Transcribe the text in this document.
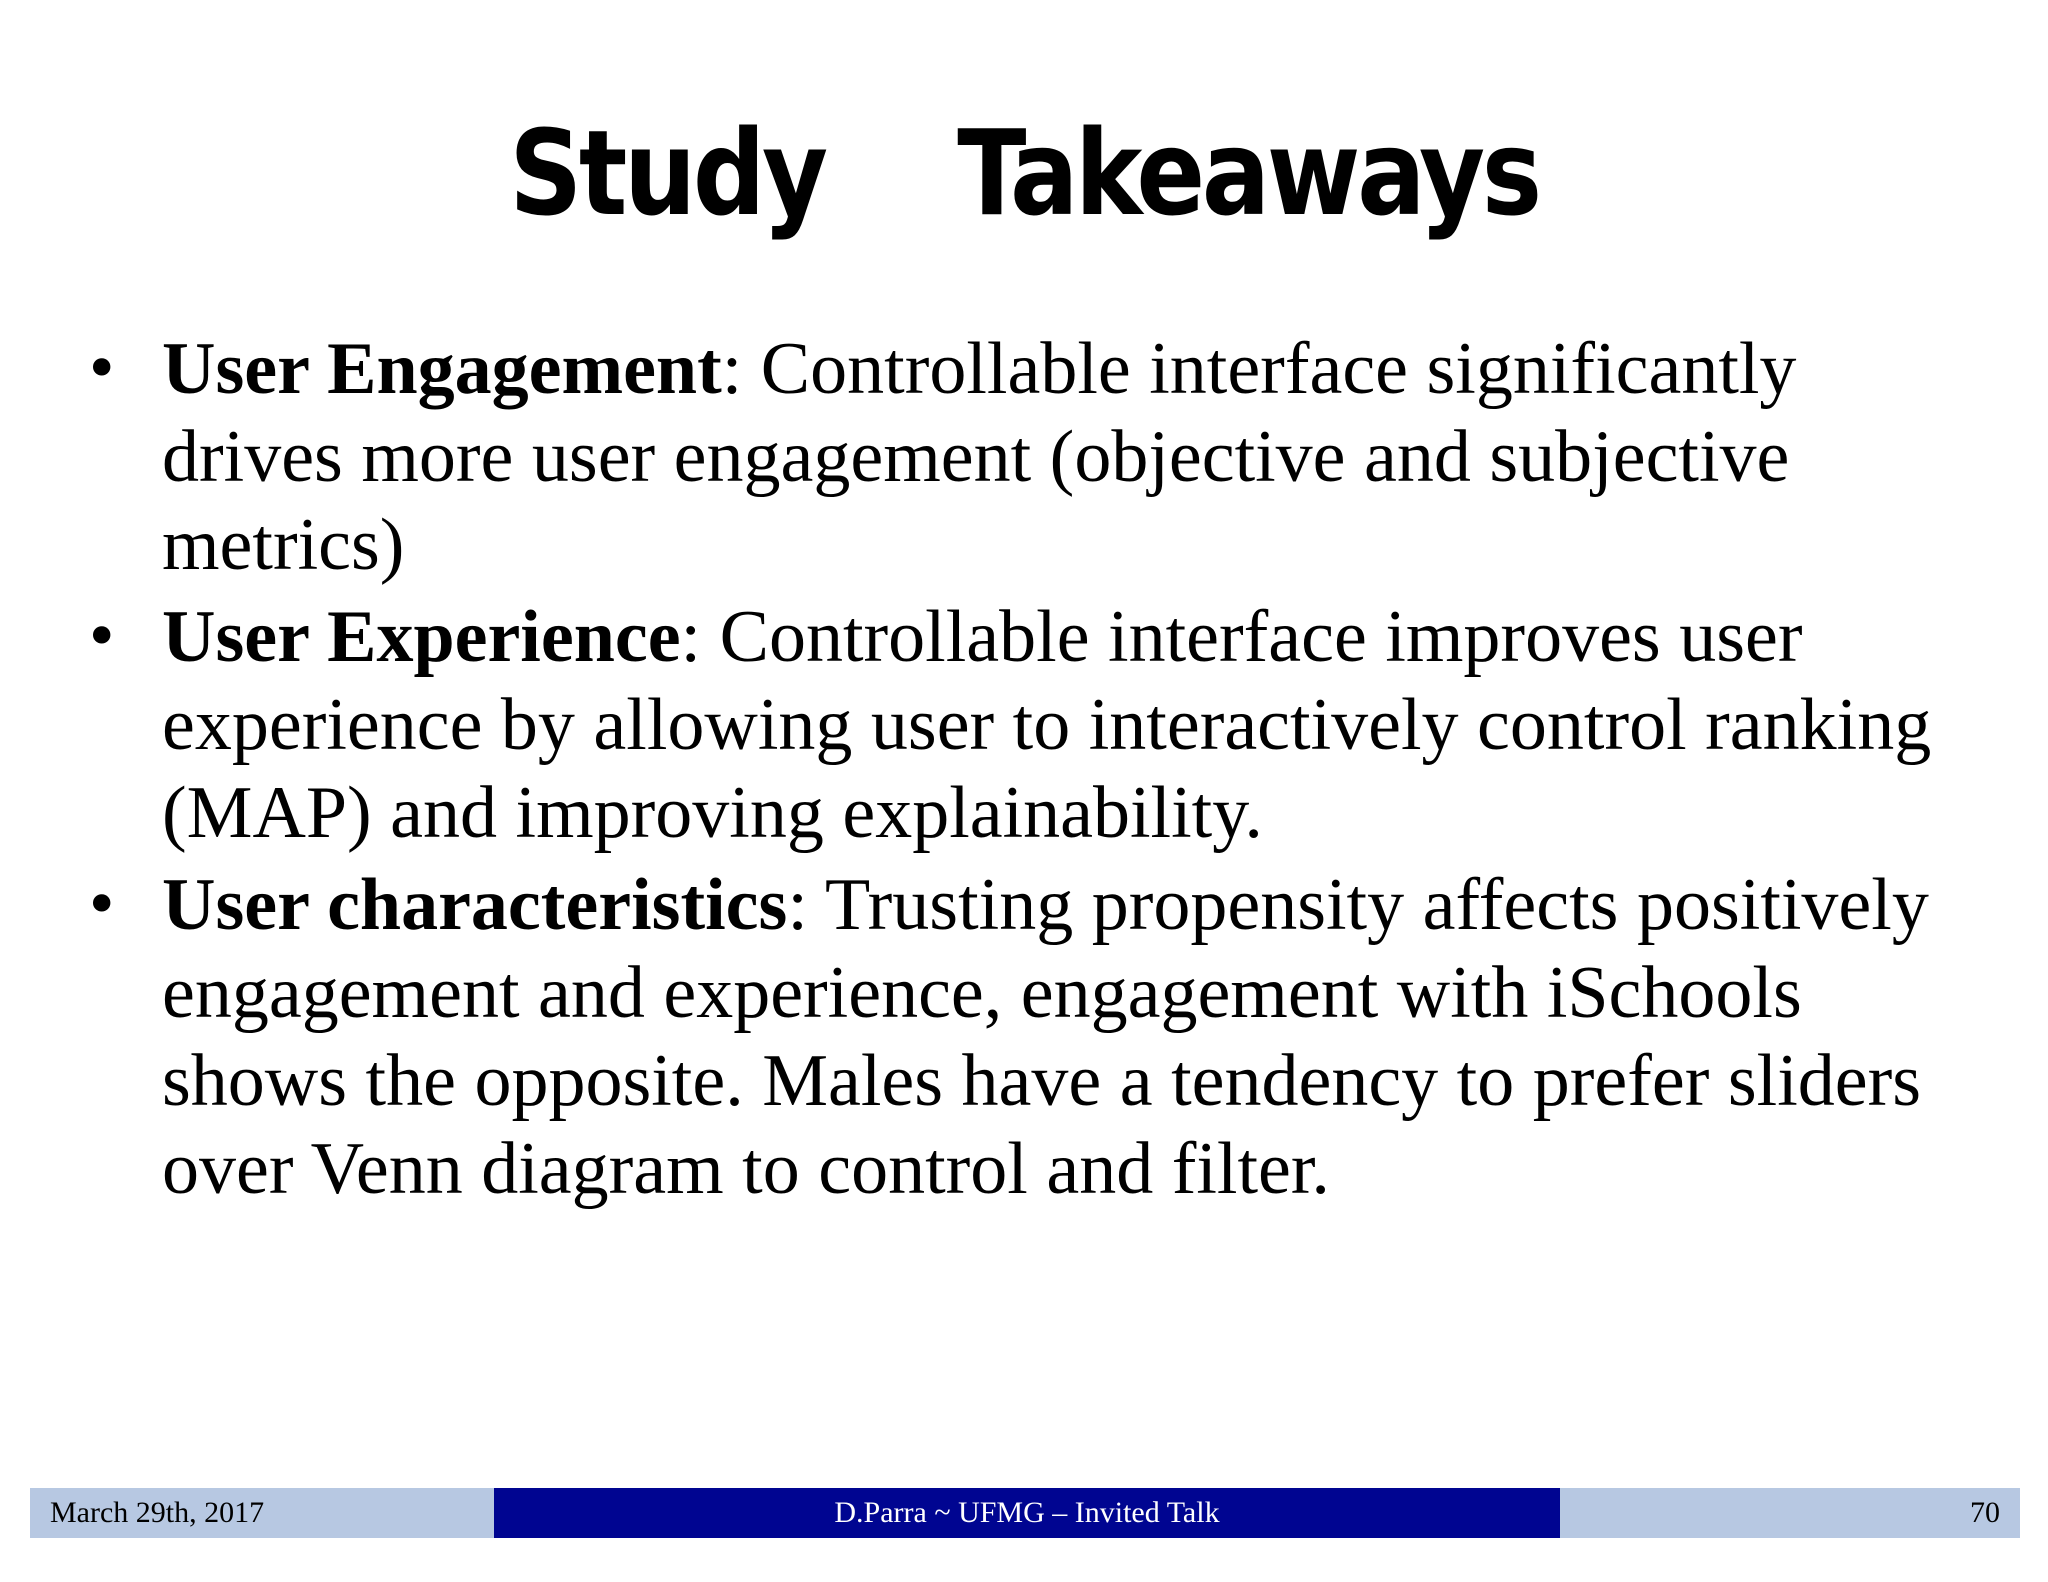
Study  Takeaways
• User Engagement: Controllable interface significantly drives more user engagement (objective and subjective metrics)
• User Experience: Controllable interface improves user experience by allowing user to interactively control ranking (MAP) and improving explainability.
• User characteristics: Trusting propensity affects positively engagement and experience, engagement with iSchools shows the opposite. Males have a tendency to prefer sliders over Venn diagram to control and filter.
March 29th, 2017	D.Parra ~ UFMG – Invited Talk	70
